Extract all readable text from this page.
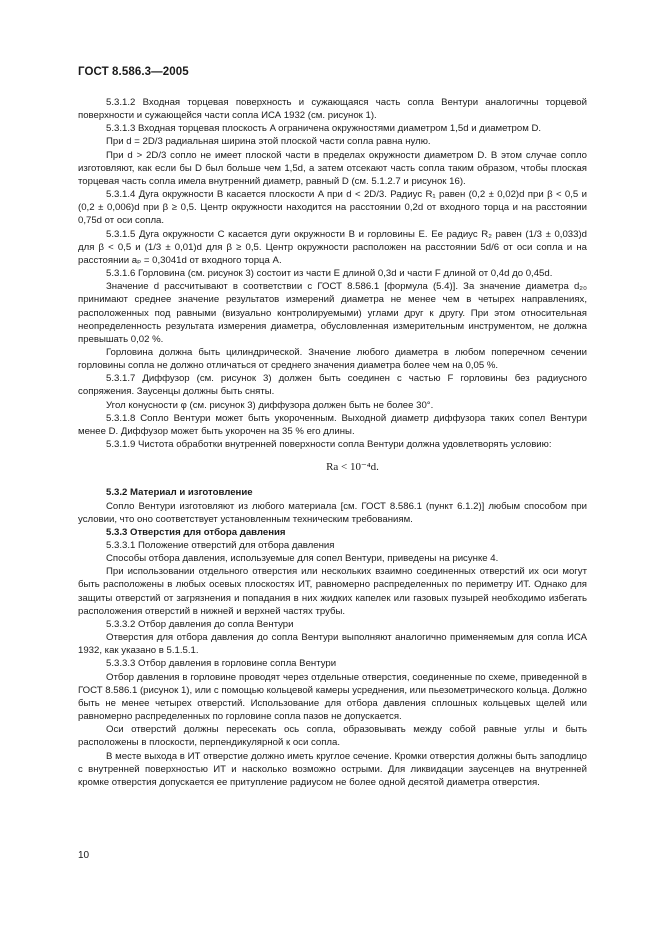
ГОСТ 8.586.3—2005

5.3.1.2 Входная торцевая поверхность и сужающаяся часть сопла Вентури аналогичны торцевой поверхности и сужающейся части сопла ИСА 1932 (см. рисунок 1).

5.3.1.3 Входная торцевая плоскость A ограничена окружностями диаметром 1,5d и диаметром D.

При d = 2D/3 радиальная ширина этой плоской части сопла равна нулю.

При d > 2D/3 сопло не имеет плоской части в пределах окружности диаметром D. В этом случае сопло изготовляют, как если бы D был больше чем 1,5d, а затем отсекают часть сопла таким образом, чтобы плоская торцевая часть сопла имела внутренний диаметр, равный D (см. 5.1.2.7 и рисунок 16).

5.3.1.4 Дуга окружности B касается плоскости A при d < 2D/3. Радиус R₁ равен (0,2 ± 0,02)d при β < 0,5 и (0,2 ± 0,006)d при β ≥ 0,5. Центр окружности находится на расстоянии 0,2d от входного торца и на расстоянии 0,75d от оси сопла.

5.3.1.5 Дуга окружности C касается дуги окружности B и горловины E. Ее радиус R₂ равен (1/3 ± 0,033)d для β < 0,5 и (1/3 ± 0,01)d для β ≥ 0,5. Центр окружности расположен на расстоянии 5d/6 от оси сопла и на расстоянии aₚ = 0,3041d от входного торца A.

5.3.1.6 Горловина (см. рисунок 3) состоит из части E длиной 0,3d и части F длиной от 0,4d до 0,45d.

Значение d рассчитывают в соответствии с ГОСТ 8.586.1 [формула (5.4)]. За значение диаметра d₂₀ принимают среднее значение результатов измерений диаметра не менее чем в четырех направлениях, расположенных под равными (визуально контролируемыми) углами друг к другу. При этом относительная неопределенность результата измерения диаметра, обусловленная измерительным инструментом, не должна превышать 0,02 %.

Горловина должна быть цилиндрической. Значение любого диаметра в любом поперечном сечении горловины сопла не должно отличаться от среднего значения диаметра более чем на 0,05 %.

5.3.1.7 Диффузор (см. рисунок 3) должен быть соединен с частью F горловины без радиусного сопряжения. Заусенцы должны быть сняты.

Угол конусности φ (см. рисунок 3) диффузора должен быть не более 30°.

5.3.1.8 Сопло Вентури может быть укороченным. Выходной диаметр диффузора таких сопел Вентури менее D. Диффузор может быть укорочен на 35 % его длины.

5.3.1.9 Чистота обработки внутренней поверхности сопла Вентури должна удовлетворять условию:

Ra < 10⁻⁴d.

5.3.2 Материал и изготовление

Сопло Вентури изготовляют из любого материала [см. ГОСТ 8.586.1 (пункт 6.1.2)] любым способом при условии, что оно соответствует установленным техническим требованиям.

5.3.3 Отверстия для отбора давления

5.3.3.1 Положение отверстий для отбора давления

Способы отбора давления, используемые для сопел Вентури, приведены на рисунке 4.

При использовании отдельного отверстия или нескольких взаимно соединенных отверстий их оси могут быть расположены в любых осевых плоскостях ИТ, равномерно распределенных по периметру ИТ. Однако для защиты отверстий от загрязнения и попадания в них жидких капелек или газовых пузырей необходимо избегать расположения отверстий в нижней и верхней частях трубы.

5.3.3.2 Отбор давления до сопла Вентури

Отверстия для отбора давления до сопла Вентури выполняют аналогично применяемым для сопла ИСА 1932, как указано в 5.1.5.1.

5.3.3.3 Отбор давления в горловине сопла Вентури

Отбор давления в горловине проводят через отдельные отверстия, соединенные по схеме, приведенной в ГОСТ 8.586.1 (рисунок 1), или с помощью кольцевой камеры усреднения, или пьезометрического кольца. Должно быть не менее четырех отверстий. Использование для отбора давления сплошных кольцевых щелей или равномерно распределенных по горловине сопла пазов не допускается.

Оси отверстий должны пересекать ось сопла, образовывать между собой равные углы и быть расположены в плоскости, перпендикулярной к оси сопла.

В месте выхода в ИТ отверстие должно иметь круглое сечение. Кромки отверстия должны быть заподлицо с внутренней поверхностью ИТ и насколько возможно острыми. Для ликвидации заусенцев на внутренней кромке отверстия допускается ее притупление радиусом не более одной десятой диаметра отверстия.

10
